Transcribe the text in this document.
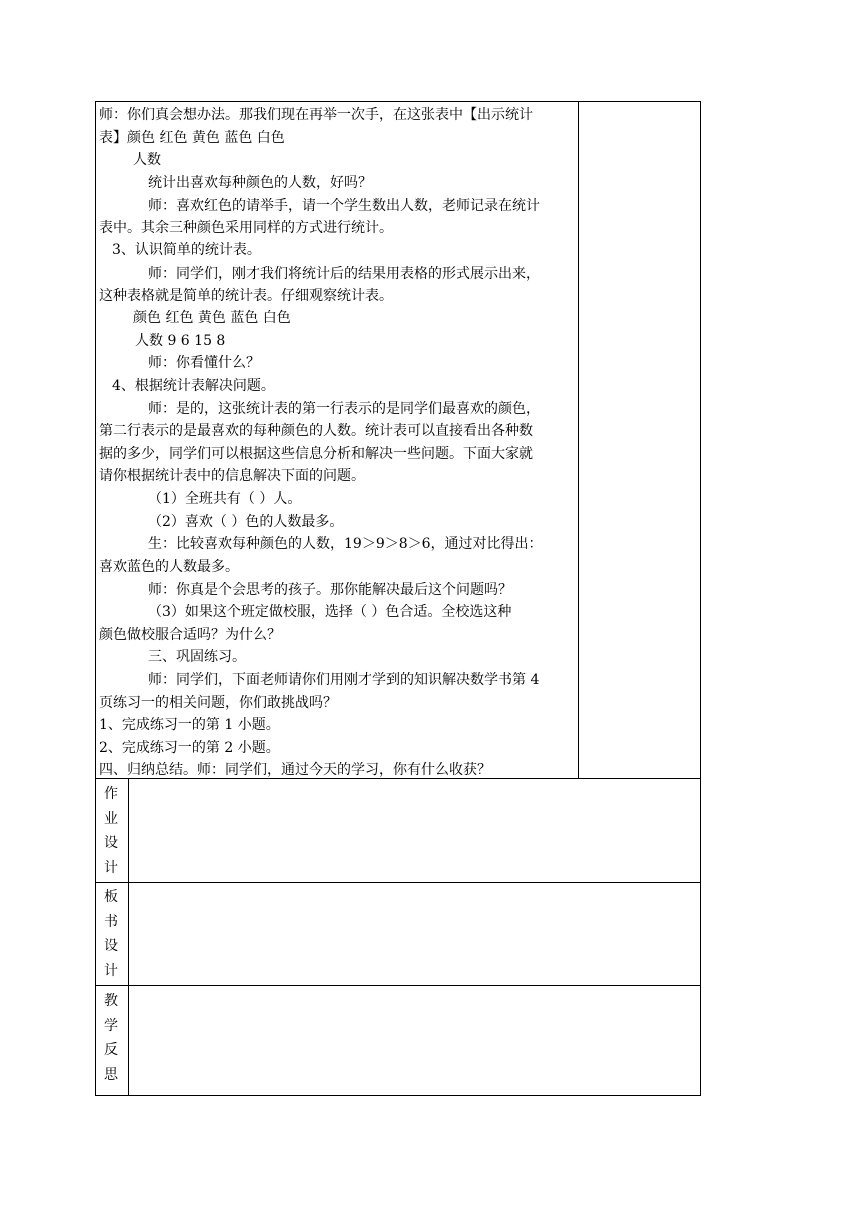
师：你们真会想办法。那我们现在再举一次手，在这张表中【出示统计
表】颜色 红色 黄色 蓝色 白色
人数
统计出喜欢每种颜色的人数，好吗？
师：喜欢红色的请举手，请一个学生数出人数，老师记录在统计
表中。其余三种颜色采用同样的方式进行统计。
3、认识简单的统计表。
师：同学们，刚才我们将统计后的结果用表格的形式展示出来，
这种表格就是简单的统计表。仔细观察统计表。
颜色 红色 黄色 蓝色 白色
人数 9 6 15 8
师：你看懂什么？
4、根据统计表解决问题。
师：是的，这张统计表的第一行表示的是同学们最喜欢的颜色，
第二行表示的是最喜欢的每种颜色的人数。统计表可以直接看出各种数
据的多少，同学们可以根据这些信息分析和解决一些问题。下面大家就
请你根据统计表中的信息解决下面的问题。
（1）全班共有（ ）人。
（2）喜欢（ ）色的人数最多。
生：比较喜欢每种颜色的人数，19＞9＞8＞6，通过对比得出：
喜欢蓝色的人数最多。
师：你真是个会思考的孩子。那你能解决最后这个问题吗？
（3）如果这个班定做校服，选择（ ）色合适。全校选这种
颜色做校服合适吗？为什么？
三、巩固练习。
师：同学们，下面老师请你们用刚才学到的知识解决数学书第 4
页练习一的相关问题，你们敢挑战吗？
1、完成练习一的第 1 小题。
2、完成练习一的第 2 小题。
四、归纳总结。师：同学们，通过今天的学习，你有什么收获？
作
业
设
计
板
书
设
计
教
学
反
思
